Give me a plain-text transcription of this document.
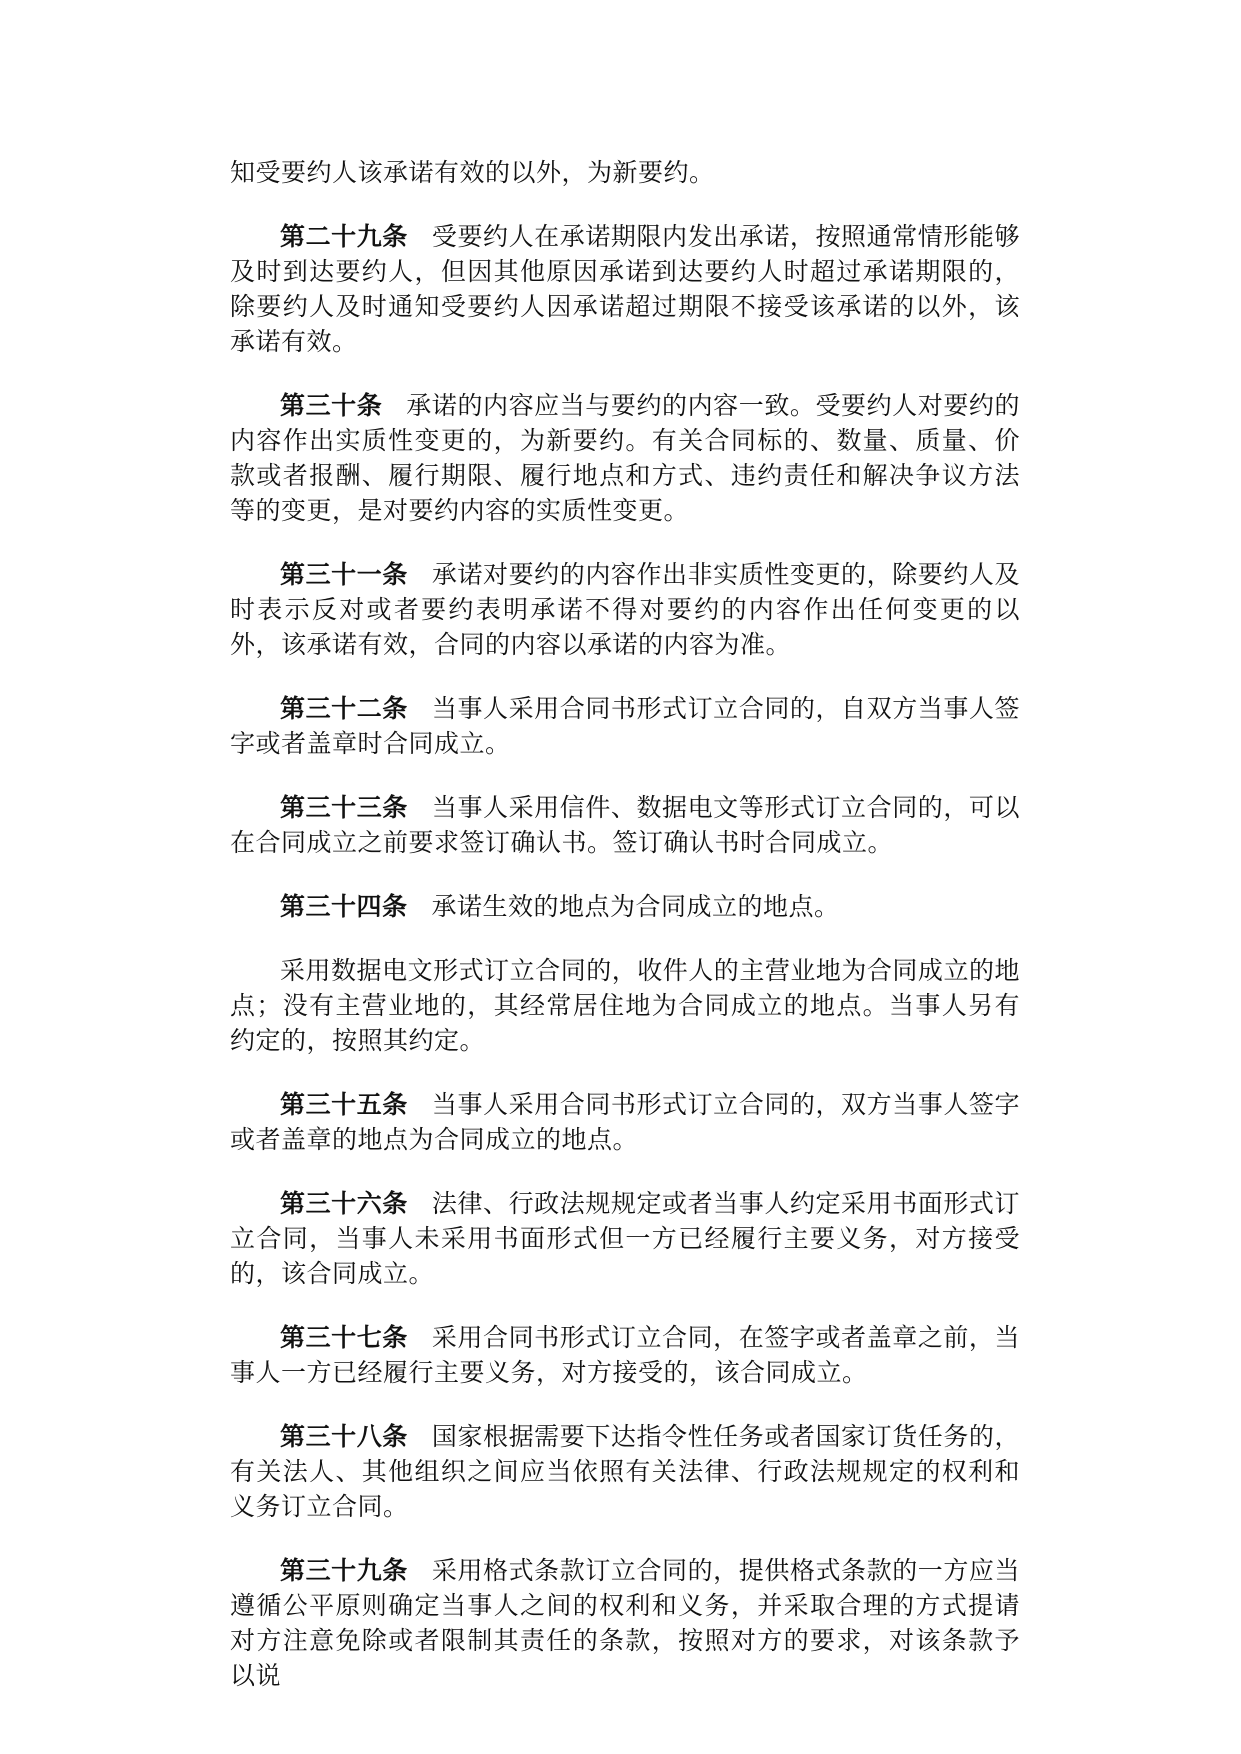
知受要约人该承诺有效的以外，为新要约。

第二十九条 受要约人在承诺期限内发出承诺，按照通常情形能够及时到达要约人，但因其他原因承诺到达要约人时超过承诺期限的，除要约人及时通知受要约人因承诺超过期限不接受该承诺的以外，该承诺有效。

第三十条 承诺的内容应当与要约的内容一致。受要约人对要约的内容作出实质性变更的，为新要约。有关合同标的、数量、质量、价款或者报酬、履行期限、履行地点和方式、违约责任和解决争议方法等的变更，是对要约内容的实质性变更。

第三十一条 承诺对要约的内容作出非实质性变更的，除要约人及时表示反对或者要约表明承诺不得对要约的内容作出任何变更的以外，该承诺有效，合同的内容以承诺的内容为准。

第三十二条 当事人采用合同书形式订立合同的，自双方当事人签字或者盖章时合同成立。

第三十三条 当事人采用信件、数据电文等形式订立合同的，可以在合同成立之前要求签订确认书。签订确认书时合同成立。

第三十四条 承诺生效的地点为合同成立的地点。

采用数据电文形式订立合同的，收件人的主营业地为合同成立的地点；没有主营业地的，其经常居住地为合同成立的地点。当事人另有约定的，按照其约定。

第三十五条 当事人采用合同书形式订立合同的，双方当事人签字或者盖章的地点为合同成立的地点。

第三十六条 法律、行政法规规定或者当事人约定采用书面形式订立合同，当事人未采用书面形式但一方已经履行主要义务，对方接受的，该合同成立。

第三十七条 采用合同书形式订立合同，在签字或者盖章之前，当事人一方已经履行主要义务，对方接受的，该合同成立。

第三十八条 国家根据需要下达指令性任务或者国家订货任务的，有关法人、其他组织之间应当依照有关法律、行政法规规定的权利和义务订立合同。

第三十九条 采用格式条款订立合同的，提供格式条款的一方应当遵循公平原则确定当事人之间的权利和义务，并采取合理的方式提请对方注意免除或者限制其责任的条款，按照对方的要求，对该条款予以说
